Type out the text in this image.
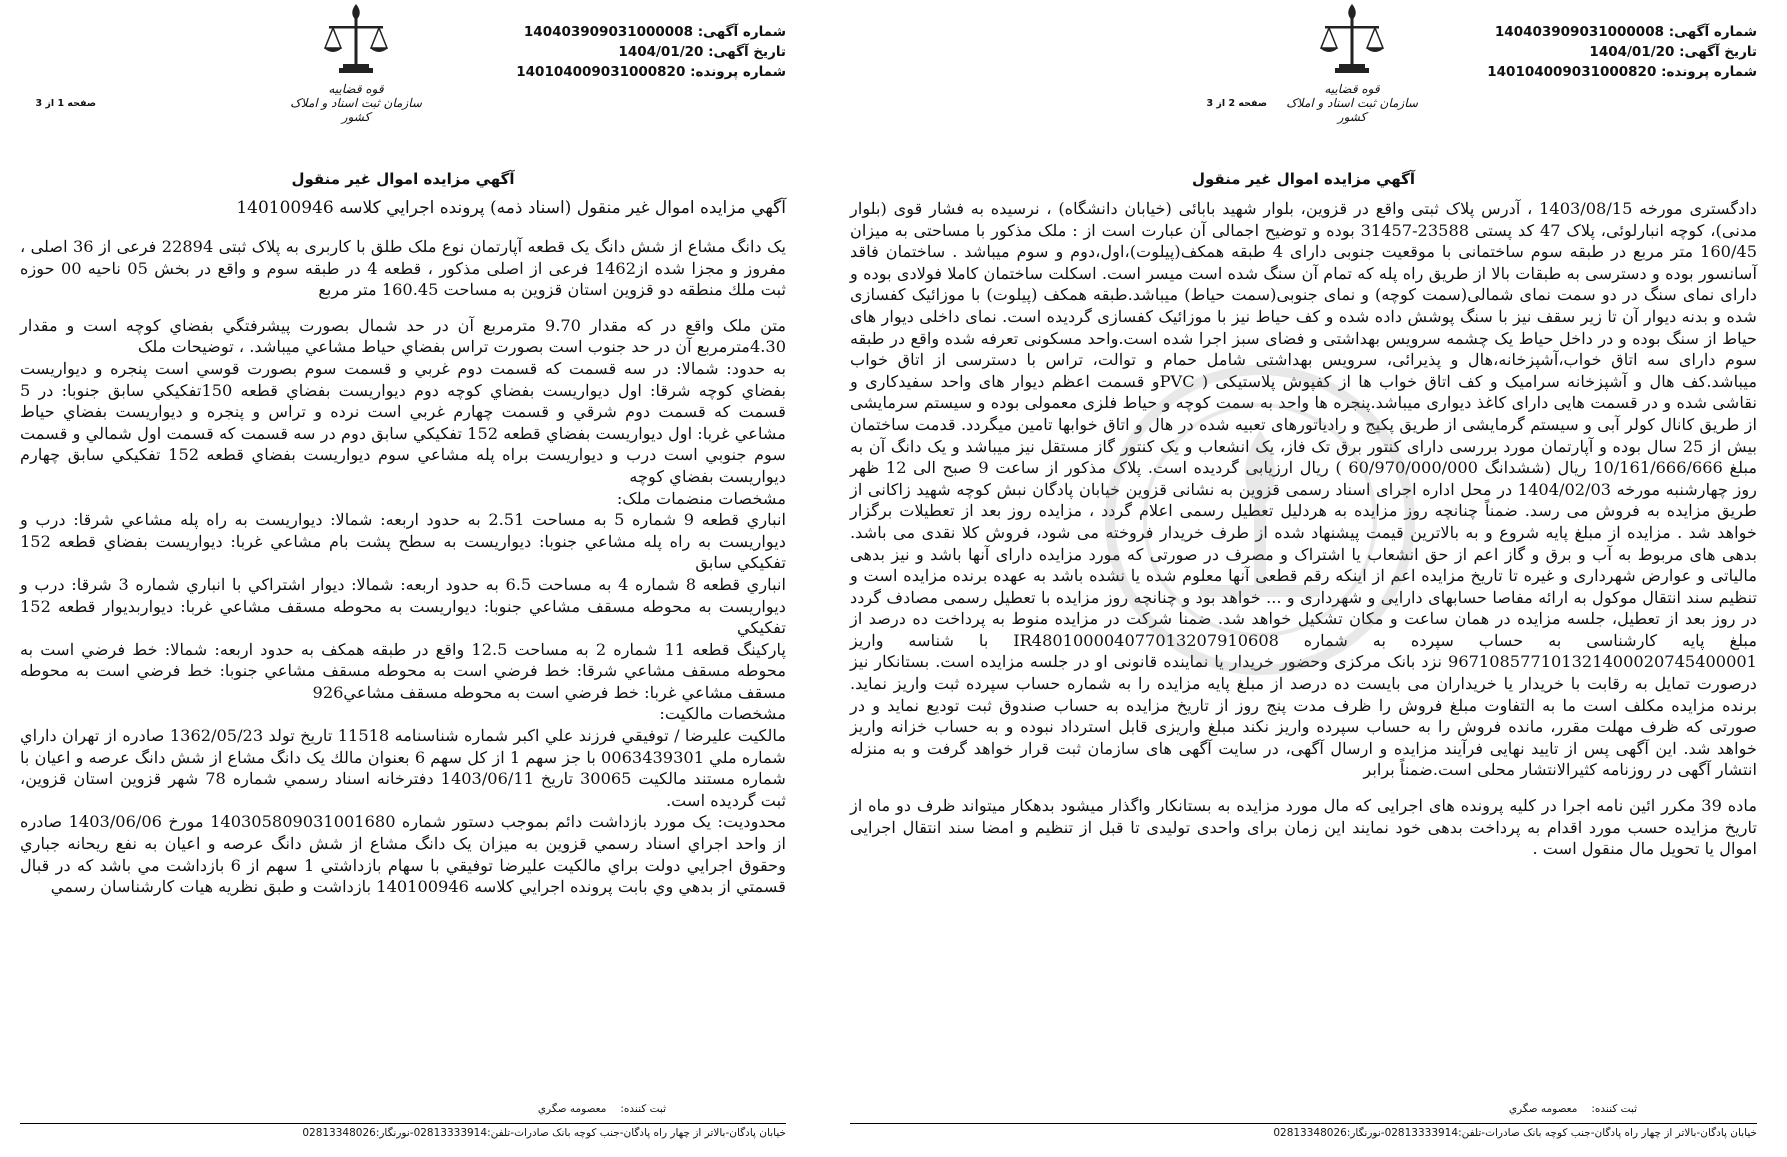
شماره آگهی: 140403909031000008
تاریخ آگهی: 1404/01/20
شماره پرونده: 140104009031000820
قوه قضاییه
سازمان ثبت اسناد و املاک کشور
صفحه 1 از 3
آگهي مزايده اموال غير منقول
آگهي مزايده اموال غير منقول (اسناد ذمه) پرونده اجرايي كلاسه 140100946

يک دانگ مشاع از شش دانگ يک قطعه آپارتمان نوع ملک طلق با کاربری به پلاک ثبتی 22894 فرعی از 36 اصلی ، مفروز و مجزا شده از1462 فرعی از اصلی مذکور ، قطعه 4 در طبقه سوم و واقع در بخش 05 ناحیه 00 حوزه ثبت ملك منطقه دو قزوين استان قزوين به مساحت 160.45 متر مربع

متن ملک واقع در که مقدار 9.70 مترمربع آن در حد شمال بصورت پيشرفتگي بفضاي کوچه است و مقدار 4.30مترمربع آن در حد جنوب است بصورت تراس بفضاي حياط مشاعي ميباشد. ، توضیحات ملک

به حدود: شمالا: در سه قسمت كه قسمت دوم غربي و قسمت سوم بصورت قوسي است پنجره و ديواريست بفضاي کوچه شرقا: اول ديواريست بفضاي کوچه دوم ديواريست بفضاي قطعه 150تفكيكي سابق جنوبا: در 5 قسمت كه قسمت دوم شرقي و قسمت چهارم غربي است نرده و تراس و پنجره و ديواريست بفضاي حياط مشاعي غربا: اول ديواريست بفضاي قطعه 152 تفكيكي سابق دوم در سه قسمت كه قسمت اول شمالي و قسمت سوم جنوبي است درب و ديواريست براه پله مشاعي سوم ديواريست بفضاي قطعه 152 تفكيكي سابق چهارم ديواريست بفضاي كوچه

مشخصات منضمات ملک:

انباري قطعه 9 شماره 5 به مساحت 2.51 به حدود اربعه: شمالا: ديواريست به راه پله مشاعي شرقا: درب و ديواريست به راه پله مشاعي جنوبا: ديواريست به سطح پشت بام مشاعي غربا: ديواريست بفضاي قطعه 152 تفكيكي سابق

انباري قطعه 8 شماره 4 به مساحت 6.5 به حدود اربعه: شمالا: ديوار اشتراكي با انباري شماره 3 شرقا: درب و ديواريست به محوطه مسقف مشاعي جنوبا: ديواريست به محوطه مسقف مشاعي غربا: ديواربديوار قطعه 152 تفكيكي

پاركينگ قطعه 11 شماره 2 به مساحت 12.5 واقع در طبقه همكف به حدود اربعه: شمالا: خط فرضي است به محوطه مسقف مشاعي شرقا: خط فرضي است به محوطه مسقف مشاعي جنوبا: خط فرضي است به محوطه مسقف مشاعي غربا: خط فرضي است به محوطه مسقف مشاعي926

مشخصات مالکیت:

مالکيت عليرضا / توفيقي فرزند علي اكبر شماره شناسنامه 11518 تاريخ تولد 1362/05/23 صادره از تهران داراي شماره ملي 0063439301 با جز سهم 1 از كل سهم 6 بعنوان مالك يک دانگ مشاع از شش دانگ عرصه و اعيان با شماره مستند مالکيت 30065 تاريخ 1403/06/11 دفترخانه اسناد رسمي شماره 78 شهر قزوين استان قزوين، ثبت گرديده است.

محدودیت: يک مورد بازداشت دائم بموجب دستور شماره 140305809031001680 مورخ 1403/06/06 صادره از واحد اجراي اسناد رسمي قزوين به ميزان يک دانگ مشاع از شش دانگ عرصه و اعيان به نفع ريحانه جباري وحقوق اجرايي دولت براي مالكيت عليرضا توفيقي با سهام بازداشتي 1 سهم از 6 بازداشت مي باشد كه در قبال قسمتي از بدهي وي بابت پرونده اجرايي كلاسه 140100946 بازداشت و طبق نظريه هيات كارشناسان رسمي

ثبت کننده:معصومه صگري
خیابان پادگان-بالاتر از چهار راه پادگان-جنب کوچه بانک صادرات-تلفن:02813333914-نورنگار:02813348026
شماره آگهی: 140403909031000008
تاریخ آگهی: 1404/01/20
شماره پرونده: 140104009031000820
قوه قضاییه
سازمان ثبت اسناد و املاک کشور
صفحه 2 از 3
آگهي مزايده اموال غير منقول

دادگستری مورخه 1403/08/15 ، آدرس پلاک ثبتی واقع در قزوین، بلوار شهید بابائی (خیابان دانشگاه) ، نرسیده به فشار قوی (بلوار مدنی)، کوچه انبارلوئی، پلاک 47 کد پستی 23588-31457 بوده و توضیح اجمالی آن عبارت است از : ملک مذکور با مساحتی به میزان 160/45 متر مربع در طبقه سوم ساختمانی با موقعیت جنوبی دارای 4 طبقه همکف(پیلوت)،اول،دوم و سوم میباشد . ساختمان فاقد آسانسور بوده و دسترسی به طبقات بالا از طریق راه پله که تمام آن سنگ شده است میسر است. اسکلت ساختمان کاملا فولادی بوده و دارای نمای سنگ در دو سمت نمای شمالی(سمت کوچه) و نمای جنوبی(سمت حیاط) میباشد.طبقه همکف (پیلوت) با موزائیک کفسازی شده و بدنه دیوار آن تا زیر سقف نیز با سنگ پوشش داده شده و کف حیاط نیز با موزائیک کفسازی گردیده است. نمای داخلی دیوار های حیاط از سنگ بوده و در داخل حیاط یک چشمه سرویس بهداشتی و فضای سبز اجرا شده است.واحد مسکونی تعرفه شده واقع در طبقه سوم دارای سه اتاق خواب،آشپزخانه،هال و پذیرائی، سرویس بهداشتی شامل حمام و توالت، تراس با دسترسی از اتاق خواب میباشد.کف هال و آشپزخانه سرامیک و کف اتاق خواب ها از کفپوش پلاستیکی ( PVCو قسمت اعظم دیوار های واحد سفیدکاری و نقاشی شده و در قسمت هایی دارای کاغذ دیواری میباشد.پنجره ها واحد به سمت کوچه و حیاط فلزی معمولی بوده و سیستم سرمایشی از طریق کانال کولر آبی و سیستم گرمایشی از طریق پکیج و رادیاتورهای تعبیه شده در هال و اتاق خوابها تامین میگردد. قدمت ساختمان بیش از 25 سال بوده و آپارتمان مورد بررسی دارای کنتور برق تک فاز، یک انشعاب و یک کنتور گاز مستقل نیز میباشد و یک دانگ آن به مبلغ 10/161/666/666 ریال (ششدانگ 60/970/000/000 ) ریال ارزیابی گردیده است. پلاک مذکور از ساعت 9 صبح الی 12 ظهر روز چهارشنبه مورخه 1404/02/03 در محل اداره اجرای اسناد رسمی قزوین به نشانی قزوین خیابان پادگان نبش کوچه شهید زاکانی از طریق مزایده به فروش می رسد. ضمناً چنانچه روز مزایده به هردلیل تعطیل رسمی اعلام گردد ، مزایده روز بعد از تعطیلات برگزار خواهد شد . مزایده از مبلغ پایه شروع و به بالاترین قیمت پیشنهاد شده از طرف خریدار فروخته می شود، فروش کلا نقدی می باشد. بدهی های مربوط به آب و برق و گاز اعم از حق انشعاب یا اشتراک و مصرف در صورتی که مورد مزایده دارای آنها باشد و نیز بدهی مالیاتی و عوارض شهرداری و غیره تا تاریخ مزایده اعم از اینکه رقم قطعی آنها معلوم شده یا نشده باشد به عهده برنده مزایده است و تنظیم سند انتقال موکول به ارائه مفاصا حسابهای دارایی و شهرداری و ... خواهد بود و چنانچه روز مزایده با تعطیل رسمی مصادف گردد در روز بعد از تعطیل، جلسه مزایده در همان ساعت و مکان تشکیل خواهد شد. ضمنا شرکت در مزایده منوط به پرداخت ده درصد از مبلغ پایه کارشناسی به حساب سپرده به شماره IR480100004077013207910608 با شناسه واریز 967108577101321400020745400001 نزد بانک مرکزی وحضور خریدار یا نماینده قانونی او در جلسه مزایده است. بستانکار نیز درصورت تمایل به رقابت با خریدار یا خریداران می بایست ده درصد از مبلغ پایه مزایده را به شماره حساب سپرده ثبت واریز نماید. برنده مزایده مکلف است ما به التفاوت مبلغ فروش را ظرف مدت پنج روز از تاریخ مزایده به حساب صندوق ثبت تودیع نماید و در صورتی که ظرف مهلت مقرر، مانده فروش را به حساب سپرده واریز نکند مبلغ واریزی قابل استرداد نبوده و به حساب خزانه واریز خواهد شد. این آگهی پس از تایید نهایی فرآیند مزایده و ارسال آگهی، در سایت آگهی های سازمان ثبت قرار خواهد گرفت و به منزله انتشار آگهی در روزنامه کثیرالانتشار محلی است.ضمناً برابر

ماده 39 مکرر ائین نامه اجرا در کلیه پرونده های اجرایی که مال مورد مزایده به بستانکار واگذار میشود بدهکار میتواند ظرف دو ماه از تاریخ مزایده حسب مورد اقدام به پرداخت بدهی خود نمایند این زمان برای واحدی تولیدی تا قبل از تنظیم و امضا سند انتقال اجرایی اموال یا تحویل مال منقول است .

ثبت کننده:معصومه صگري
خیابان پادگان-بالاتر از چهار راه پادگان-جنب کوچه بانک صادرات-تلفن:02813333914-نورنگار:02813348026
